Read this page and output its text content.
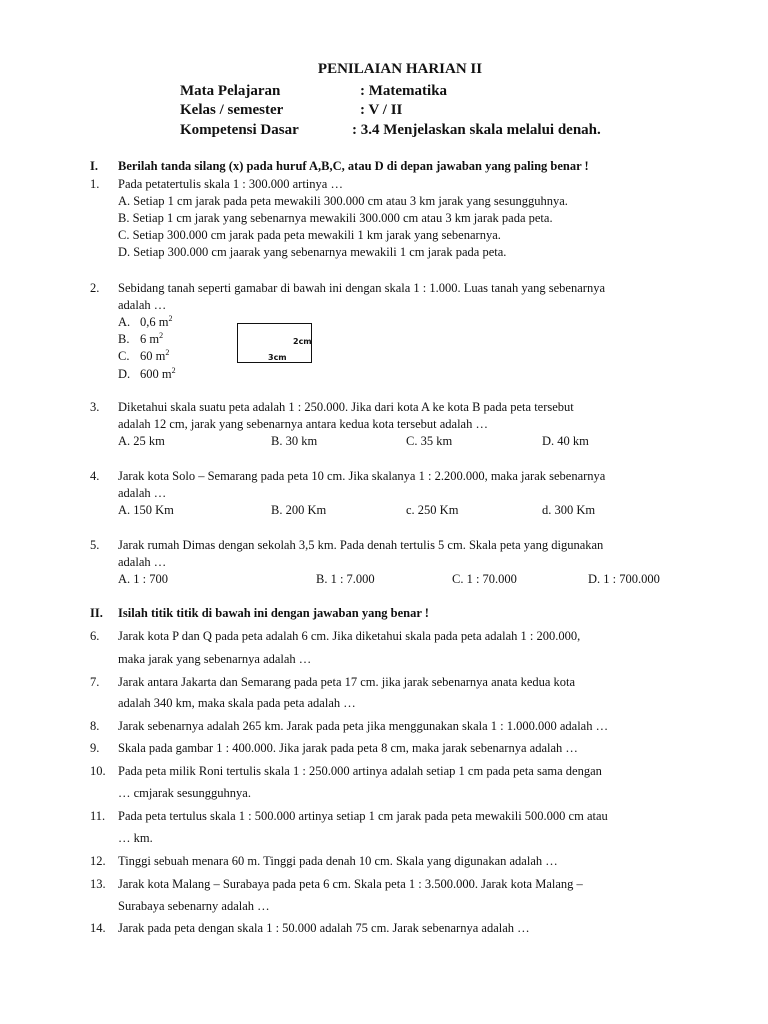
PENILAIAN HARIAN II
Mata Pelajaran	: Matematika
Kelas / semester	: V / II
Kompetensi Dasar	: 3.4 Menjelaskan skala melalui denah.
I. Berilah tanda silang (x) pada huruf A,B,C, atau D di depan jawaban yang paling benar !
1. Pada petatertulis skala 1 : 300.000 artinya …
A. Setiap 1 cm jarak pada peta mewakili 300.000 cm atau 3 km jarak yang sesungguhnya.
B. Setiap 1 cm jarak yang sebenarnya mewakili 300.000 cm atau 3 km jarak pada peta.
C. Setiap 300.000 cm jarak pada peta mewakili 1 km jarak yang sebenarnya.
D. Setiap 300.000 cm jaarak yang sebenarnya mewakili 1 cm jarak pada peta.
2. Sebidang tanah seperti gamabar di bawah ini dengan skala 1 : 1.000. Luas tanah yang sebenarnya
adalah …
A. 0,6 $m^2$
B. 6 $m^2$
C. 60 $m^2$
D. 600 $m^2$
2cm
3cm
3. Diketahui skala suatu peta adalah 1 : 250.000. Jika dari kota A ke kota B pada peta tersebut
adalah 12 cm, jarak yang sebenarnya antara kedua kota tersebut adalah …
A. 25 km	B. 30 km	C. 35 km	D. 40 km
4. Jarak kota Solo – Semarang pada peta 10 cm. Jika skalanya 1 : 2.200.000, maka jarak sebenarnya
adalah …
A. 150 Km	B. 200 Km	c. 250 Km	d. 300 Km
5. Jarak rumah Dimas dengan sekolah 3,5 km. Pada denah tertulis 5 cm. Skala peta yang digunakan
adalah …
A. 1 : 700	B. 1 : 7.000	C. 1 : 70.000	D. 1 : 700.000
II. Isilah titik titik di bawah ini dengan jawaban yang benar !
6. Jarak kota P dan Q pada peta adalah 6 cm. Jika diketahui skala pada peta adalah 1 : 200.000,
maka jarak yang sebenarnya adalah …
7. Jarak antara Jakarta dan Semarang pada peta 17 cm. jika jarak sebenarnya anata kedua kota
adalah 340 km, maka skala pada peta adalah …
8. Jarak sebenarnya adalah 265 km. Jarak pada peta jika menggunakan skala 1 : 1.000.000 adalah …
9. Skala pada gambar 1 : 400.000. Jika jarak pada peta 8 cm, maka jarak sebenarnya adalah …
10. Pada peta milik Roni tertulis skala 1 : 250.000 artinya adalah setiap 1 cm pada peta sama dengan
… cmjarak sesungguhnya.
11. Pada peta tertulus skala 1 : 500.000 artinya setiap 1 cm jarak pada peta mewakili 500.000 cm atau
… km.
12. Tinggi sebuah menara 60 m. Tinggi pada denah 10 cm. Skala yang digunakan adalah …
13. Jarak kota Malang – Surabaya pada peta 6 cm. Skala peta 1 : 3.500.000. Jarak kota Malang –
Surabaya sebenarny adalah …
14. Jarak pada peta dengan skala 1 : 50.000 adalah 75 cm. Jarak sebenarnya adalah …
